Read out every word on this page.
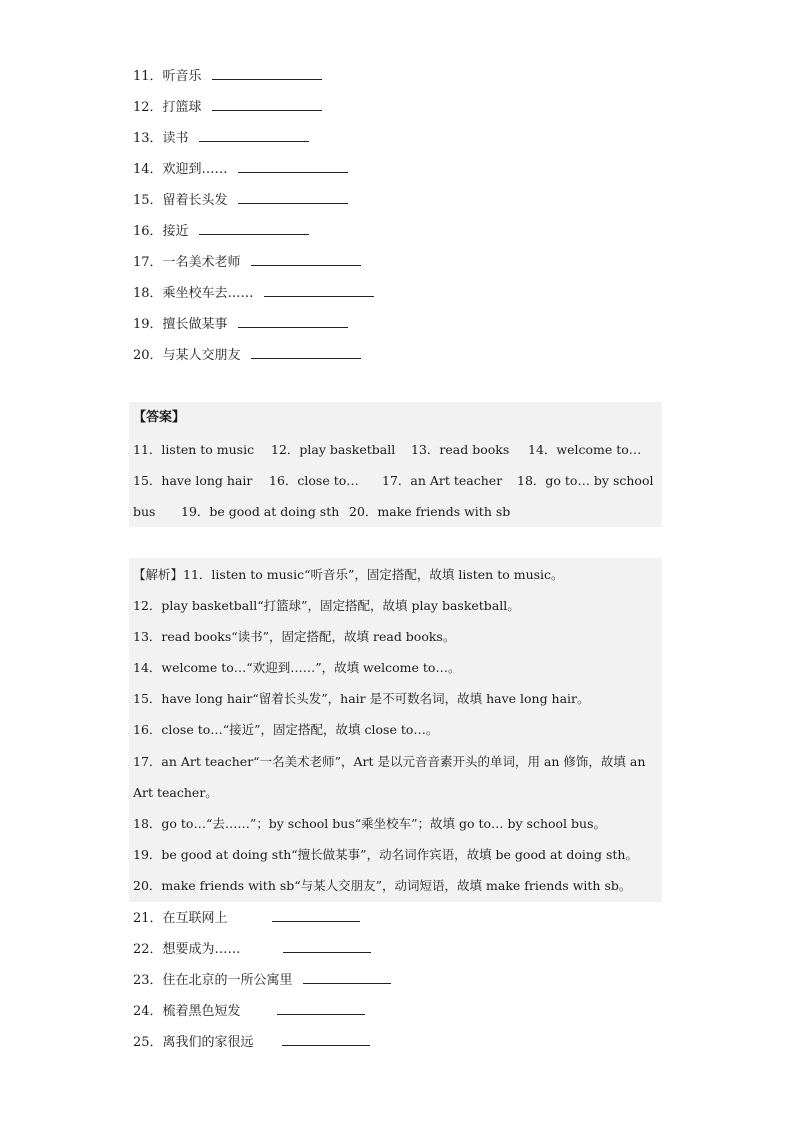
11．听音乐
12．打篮球
13．读书
14．欢迎到……
15．留着长头发
16．接近
17．一名美术老师
18．乘坐校车去……
19．擅长做某事
20．与某人交朋友
【答案】
11．listen to music 12．play basketball 13．read books 14．welcome to…
15．have long hair 16．close to… 17．an Art teacher 18．go to… by school
bus 19．be good at doing sth 20．make friends with sb
【解析】11．listen to music“听音乐”，固定搭配，故填 listen to music。
12．play basketball“打篮球”，固定搭配，故填 play basketball。
13．read books“读书”，固定搭配，故填 read books。
14．welcome to…“欢迎到……”，故填 welcome to…。
15．have long hair“留着长头发”，hair 是不可数名词，故填 have long hair。
16．close to…“接近”，固定搭配，故填 close to…。
17．an Art teacher“一名美术老师”，Art 是以元音音素开头的单词，用 an 修饰，故填 an
Art teacher。
18．go to…“去……”；by school bus“乘坐校车”；故填 go to… by school bus。
19．be good at doing sth“擅长做某事”，动名词作宾语，故填 be good at doing sth。
20．make friends with sb“与某人交朋友”，动词短语，故填 make friends with sb。
21．在互联网上
22．想要成为……
23．住在北京的一所公寓里
24．梳着黑色短发
25．离我们的家很远
